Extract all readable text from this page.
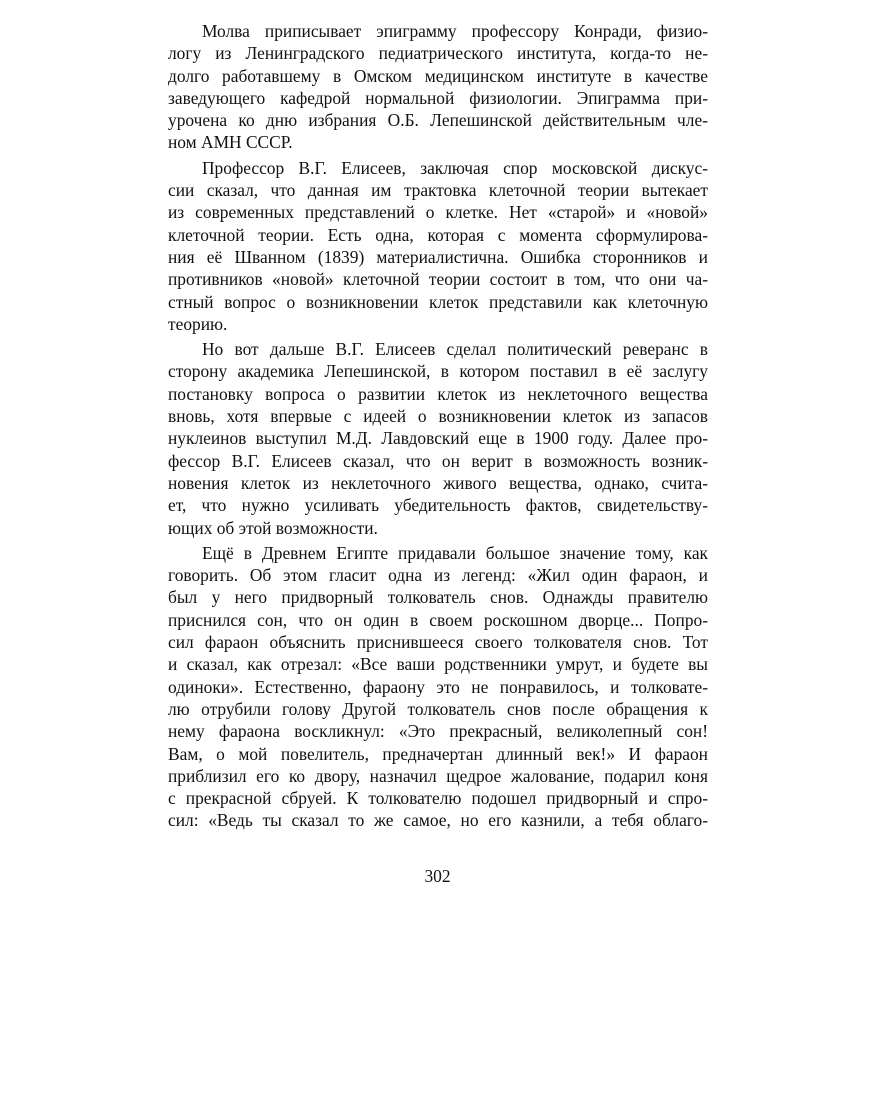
Молва приписывает эпиграмму профессору Конради, физио-
логу из Ленинградского педиатрического института, когда-то не-
долго работавшему в Омском медицинском институте в качестве
заведующего кафедрой нормальной физиологии. Эпиграмма при-
урочена ко дню избрания О.Б. Лепешинской действительным чле-
ном АМН СССР.
Профессор В.Г. Елисеев, заключая спор московской дискус-
сии сказал, что данная им трактовка клеточной теории вытекает
из современных представлений о клетке. Нет «старой» и «новой»
клеточной теории. Есть одна, которая с момента сформулирова-
ния её Шванном (1839) материалистична. Ошибка сторонников и
противников «новой» клеточной теории состоит в том, что они ча-
стный вопрос о возникновении клеток представили как клеточную
теорию.
Но вот дальше В.Г. Елисеев сделал политический реверанс в
сторону академика Лепешинской, в котором поставил в её заслугу
постановку вопроса о развитии клеток из неклеточного вещества
вновь, хотя впервые с идеей о возникновении клеток из запасов
нуклеинов выступил М.Д. Лавдовский еще в 1900 году. Далее про-
фессор В.Г. Елисеев сказал, что он верит в возможность возник-
новения клеток из неклеточного живого вещества, однако, счита-
ет, что нужно усиливать убедительность фактов, свидетельству-
ющих об этой возможности.
Ещё в Древнем Египте придавали большое значение тому, как
говорить. Об этом гласит одна из легенд: «Жил один фараон, и
был у него придворный толкователь снов. Однажды правителю
приснился сон, что он один в своем роскошном дворце... Попро-
сил фараон объяснить приснившееся своего толкователя снов. Тот
и сказал, как отрезал: «Все ваши родственники умрут, и будете вы
одиноки». Естественно, фараону это не понравилось, и толковате-
лю отрубили голову Другой толкователь снов после обращения к
нему фараона воскликнул: «Это прекрасный, великолепный сон!
Вам, о мой повелитель, предначертан длинный век!» И фараон
приблизил его ко двору, назначил щедрое жалование, подарил коня
с прекрасной сбруей. К толкователю подошел придворный и спро-
сил: «Ведь ты сказал то же самое, но его казнили, а тебя облаго-
302
